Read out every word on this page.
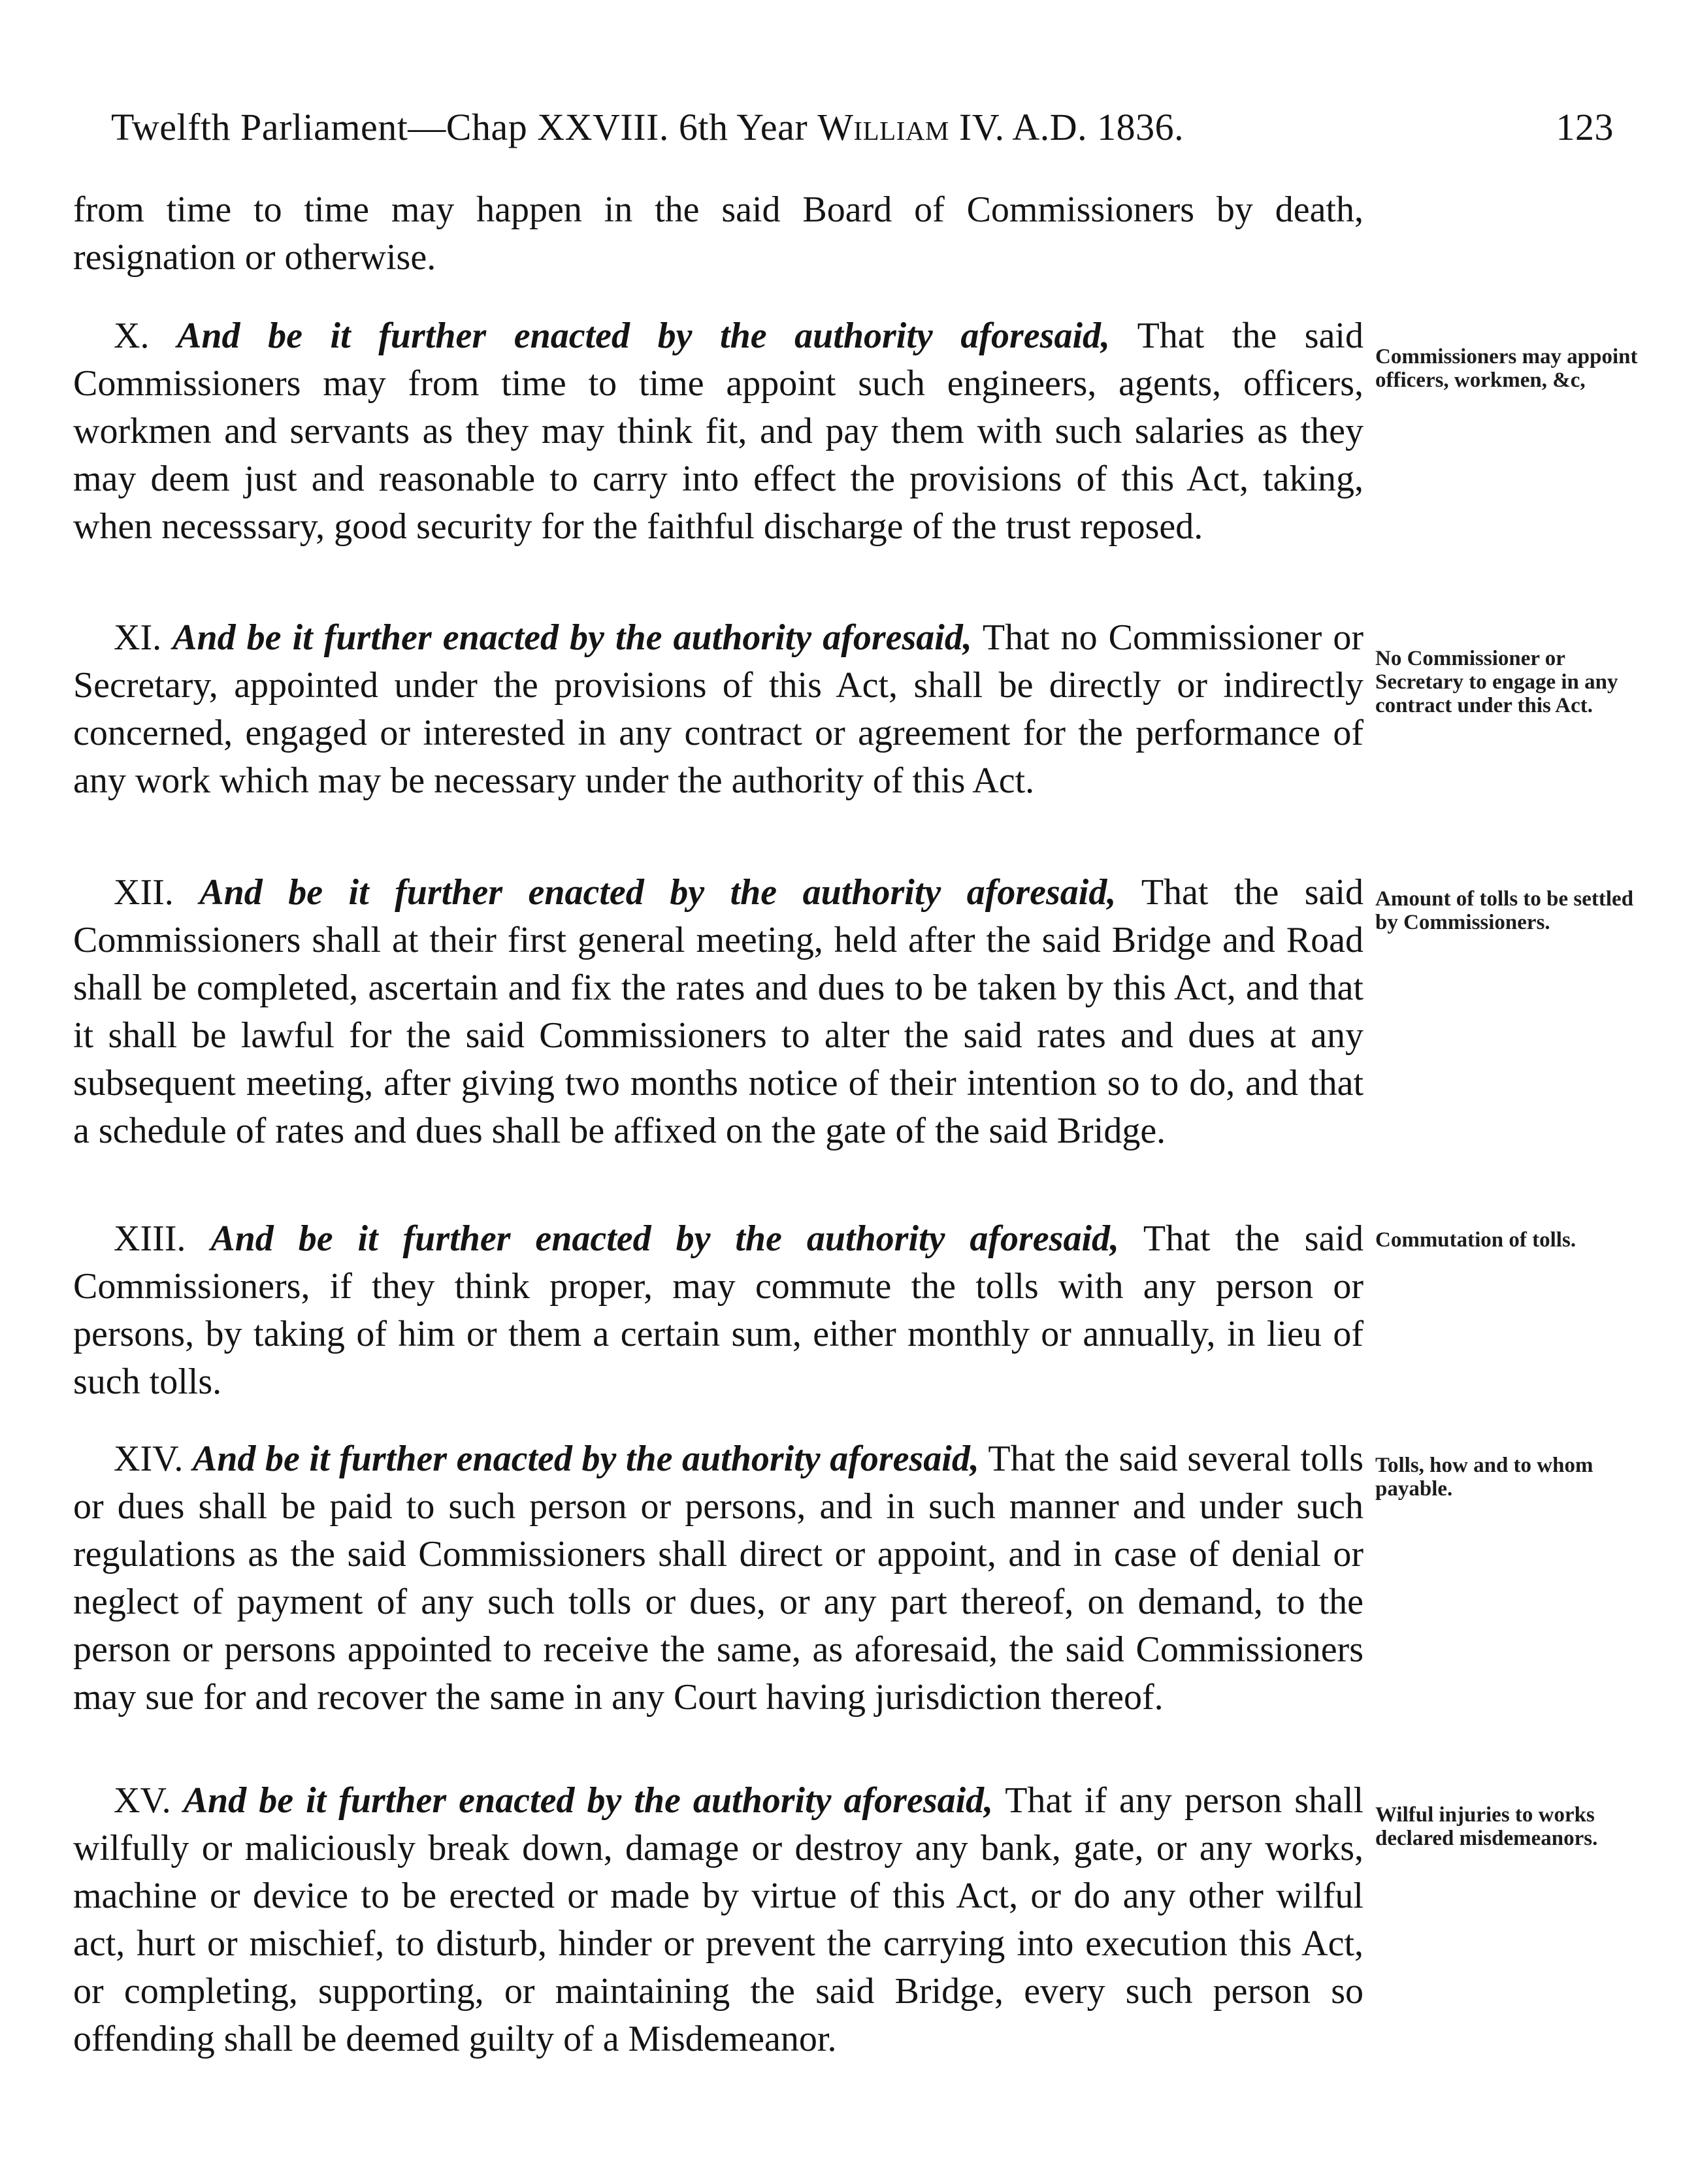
Twelfth Parliament—Chap XXVIII. 6th Year William IV. A.D. 1836.	123

from time to time may happen in the said Board of Commissioners by death, resignation or otherwise.

X. And be it further enacted by the authority aforesaid, That the said Commissioners may from time to time appoint such engineers, agents, officers, workmen and servants as they may think fit, and pay them with such salaries as they may deem just and reasonable to carry into effect the provisions of this Act, taking, when necesssary, good security for the faithful discharge of the trust reposed.

Commissioners may appoint officers, workmen, &c,

XI. And be it further enacted by the authority aforesaid, That no Commissioner or Secretary, appointed under the provisions of this Act, shall be directly or indirectly concerned, engaged or interested in any contract or agreement for the performance of any work which may be necessary under the authority of this Act.

No Commissioner or Secretary to engage in any contract under this Act.

XII. And be it further enacted by the authority aforesaid, That the said Commissioners shall at their first general meeting, held after the said Bridge and Road shall be completed, ascertain and fix the rates and dues to be taken by this Act, and that it shall be lawful for the said Commissioners to alter the said rates and dues at any subsequent meeting, after giving two months notice of their intention so to do, and that a schedule of rates and dues shall be affixed on the gate of the said Bridge.

Amount of tolls to be settled by Commissioners.

XIII. And be it further enacted by the authority aforesaid, That the said Commissioners, if they think proper, may commute the tolls with any person or persons, by taking of him or them a certain sum, either monthly or annually, in lieu of such tolls.

Commutation of tolls.

XIV. And be it further enacted by the authority aforesaid, That the said several tolls or dues shall be paid to such person or persons, and in such manner and under such regulations as the said Commissioners shall direct or appoint, and in case of denial or neglect of payment of any such tolls or dues, or any part thereof, on demand, to the person or persons appointed to receive the same, as aforesaid, the said Commissioners may sue for and recover the same in any Court having jurisdiction thereof.

Tolls, how and to whom payable.

XV. And be it further enacted by the authority aforesaid, That if any person shall wilfully or maliciously break down, damage or destroy any bank, gate, or any works, machine or device to be erected or made by virtue of this Act, or do any other wilful act, hurt or mischief, to disturb, hinder or prevent the carrying into execution this Act, or completing, supporting, or maintaining the said Bridge, every such person so offending shall be deemed guilty of a Misdemeanor.

Wilful injuries to works declared misdemeanors.
